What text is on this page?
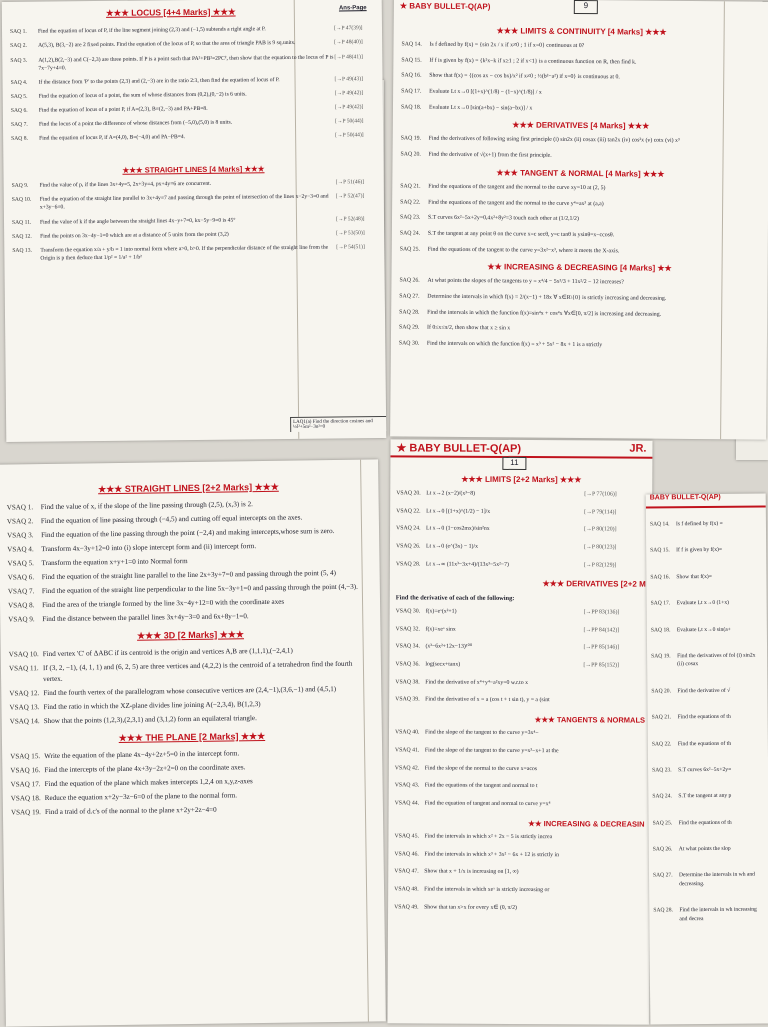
★★★ LOCUS [4+4 Marks] ★★★	Ans-Page
SAQ 1.	Find the equation of locus of P, if the line segment joining (2,3) and (−1,5) subtends a right angle at P.	[→P 47(39)]
SAQ 2.	A(5,3), B(3,−2) are 2 fixed points. Find the equation of the locus of P, so that the area of triangle PAB is 9 sq.units.	[→P 48(40)]
SAQ 3.	A(1,2),B(2,−3) and C(−2,3) are three points. If P is a point such that PA²+PB²=2PC², then show that the equation to the locus of P is 7x−7y+4=0.
[→P 48(41)]
SAQ 4.	If the distance from 'P' to the points (2,3) and (2,−3) are in the ratio 2:3, then find the equation of locus of P.	[→P 49(43)]
SAQ 5.	Find the equation of locus of a point, the sum of whose distances from (0,2),(0,−2) is 6 units.	[→P 49(42)]
SAQ 6.	Find the equation of locus of a point P, if A=(2,3), B=(2,−3) and PA+PB=8.	[→P 49(42)]
SAQ 7.	Find the locus of a point the difference of whose distances from (−5,0),(5,0) is 8 units.	[→P 50(44)]
SAQ 8.	Find the equation of locus P, if A=(4,0), B=(−4,0) and PA−PB=4.	[→P 50(44)]
★★★ STRAIGHT LINES [4 Marks] ★★★
SAQ 9.	Find the value of p, if the lines 3x+4y=5, 2x+3y=4, px+4y=6 are concurrent.	[→P 51(46)]
SAQ 10.	Find the equation of the straight line parallel to 3x+4y=7 and passing through the point of intersection of the lines x−2y−3=0 and x+3y−6=0.
[→P 52(47)]
SAQ 11.	Find the value of k if the angle between the straight lines 4x−y+7=0, kx−5y−9=0 is 45°	[→P 52(48)]
SAQ 12.	Find the points on 3x−4y−1=0 which are at a distance of 5 units from the point (3,2)	[→P 53(50)]
SAQ 13.	Transform the equation x/a + y/b = 1 into normal form where a>0, b>0. If the perpendicular distance of the straight line from the Origin is p then deduce that 1/p² = 1/a² + 1/b²
[→P 54(51)]
LAQ1(a) Find the direction cosines and ½l²+5m²−3n²=0
★ BABY BULLET-Q(AP)	9
★★★ LIMITS & CONTINUITY [4 Marks] ★★★
SAQ 14.	Is f defined by f(x) = {sin 2x / x if x≠0 ; 1 if x=0} continuous at 0?
SAQ 15.	If f is given by f(x) = {k²x−k if x≥1 ; 2 if x<1} is a continuous function on R, then find k.
SAQ 16.	Show that f(x) = {(cos ax − cos bx)/x² if x≠0 ; ½(b²−a²) if x=0} is continuous at 0.
SAQ 17.	Evaluate Lt x→0 [(1+x)^(1/8) − (1−x)^(1/8)] / x
SAQ 18.	Evaluate Lt x→0 [sin(a+bx) − sin(a−bx)] / x
★★★ DERIVATIVES [4 Marks] ★★★
SAQ 19.	Find the derivatives of following using first principle (i) sin2x (ii) cosax (iii) tan2x (iv) cos²x (v) cotx (vi) x³
SAQ 20.	Find the derivative of √(x+1) from the first principle.
★★★ TANGENT & NORMAL [4 Marks] ★★★
SAQ 21.	Find the equations of the tangent and the normal to the curve xy=10 at (2, 5)
SAQ 22.	Find the equations of the tangent and the normal to the curve y⁴=ax³ at (a,a)
SAQ 23.	S.T curves 6x²−5x+2y=0,4x²+8y²=3 touch each other at (1/2,1/2)
SAQ 24.	S.T the tangent at any point θ on the curve x=c secθ, y=c tanθ is ysinθ=x−ccosθ.
SAQ 25.	Find the equations of the tangent to the curve y=3x²−x³, where it meets the X-axis.
★★ INCREASING & DECREASING [4 Marks] ★★
SAQ 26.	At what points the slopes of the tangents to y = x⁴/4 − 5x³/3 + 11x²/2 − 12 increases?
SAQ 27.	Determine the intervals in which f(x) = 2/(x−1) + 18x ∀ x∈R\{0} is strictly increasing and decreasing.
SAQ 28.	Find the intervals in which the function f(x)=sin⁴x + cos⁴x ∀x∈[0, π/2] is increasing and decreasing.
SAQ 29.	If 0≤x≤π/2, then show that x ≥ sin x
SAQ 30.	Find the intervals on which the function f(x) = x³ + 5x² − 8x + 1 is a strictly
★★★ STRAIGHT LINES [2+2 Marks] ★★★
VSAQ 1.	Find the value of x, if the slope of the line passing through (2,5), (x,3) is 2.
VSAQ 2.	Find the equation of line passing through (−4,5) and cutting off equal intercepts on the axes.
VSAQ 3.	Find the equation of the line passing through the point (−2,4) and making intercepts,whose sum is zero.
VSAQ 4.	Transform 4x−3y+12=0 into (i) slope intercept form and (ii) intercept form.
VSAQ 5.	Transform the equation x+y+1=0 into Normal form
VSAQ 6.	Find the equation of the straight line parallel to the line 2x+3y+7=0 and passing through the point (5, 4)
VSAQ 7.	Find the equation of the straight line perpendicular to the line 5x−3y+1=0 and passing through the point (4,−3).
VSAQ 8.	Find the area of the triangle formed by the line 3x−4y+12=0 with the coordinate axes
VSAQ 9.	Find the distance between the parallel lines 3x+4y−3=0 and 6x+8y−1=0.
★★★ 3D [2 Marks] ★★★
VSAQ 10. Find vertex 'C' of ΔABC if its centroid is the origin and vertices A,B are (1,1,1),(−2,4,1)
VSAQ 11. If (3, 2, −1), (4, 1, 1) and (6, 2, 5) are three vertices and (4,2,2) is the centroid of a tetrahedron find the fourth vertex.
VSAQ 12. Find the fourth vertex of the parallelogram whose consecutive vertices are (2,4,−1),(3,6,−1) and (4,5,1)
VSAQ 13. Find the ratio in which the XZ-plane divides line joining A(−2,3,4), B(1,2,3)
VSAQ 14. Show that the points (1,2,3),(2,3,1) and (3,1,2) form an equilateral triangle.
★★★ THE PLANE [2 Marks] ★★★
VSAQ 15. Write the equation of the plane 4x−4y+2z+5=0 in the intercept form.
VSAQ 16. Find the intercepts of the plane 4x+3y−2z+2=0 on the coordinate axes.
VSAQ 17. Find the equation of the plane which makes intercepts 1,2,4 on x,y,z-axes
VSAQ 18. Reduce the equation x+2y−3z−6=0 of the plane to the normal form.
VSAQ 19. Find a traid of d.c's of the normal to the plane x+2y+2z−4=0
★ BABY BULLET-Q(AP)	JR.
11
★★★ LIMITS [2+2 Marks] ★★★
VSAQ 20. Lt x→2 (x−2)/(x³−8)	[→P 77(106)]
VSAQ 22. Lt x→0 [(1+x)^(1/2) − 1]/x	[→P 79(114)]
VSAQ 24. Lt x→0 (1−cos2mx)/sin²nx	[→P 80(120)]
VSAQ 26. Lt x→0 (e^(3x) − 1)/x	[→P 80(123)]
VSAQ 28. Lt x→∞ (11x³−3x+4)/(13x³−5x²−7)	[→P 82(129)]
★★★ DERIVATIVES [2+2 M
Find the derivative of each of the following:
VSAQ 30. f(x)=eˣ(x²+1)	[→PP 83(136)]
VSAQ 32. f(x)=xeˣ sinx	[→PP 84(142)]
VSAQ 34. (x³−6x²+12x−13)¹⁰⁰	[→PP 85(146)]
VSAQ 36. log(secx+tanx)	[→PP 85(152)]
VSAQ 38. Find the derivative of x⁴+y⁴−a²xy=0 w.r.to x
VSAQ 39. Find the derivative of x = a (cos t + t sin t), y = a (sint
★★★ TANGENTS & NORMALS
VSAQ 40. Find the slope of the tangent to the curve y=3x⁴−
VSAQ 41. Find the slope of the tangent to the curve y=x³−x+1 at the
VSAQ 42. Find the slope of the normal to the curve x=acos
VSAQ 43. Find the equations of the tangent and normal to t
VSAQ 44. Find the equation of tangent and normal to curve y=x⁴
★★ INCREASING & DECREASIN
VSAQ 45. Find the intervals in which x² + 2x − 5 is strictly increa
VSAQ 46. Find the intervals in which x³ + 3x² − 6x + 12 is strictly in
VSAQ 47. Show that x + 1/x is increasing on [1, ∞)
VSAQ 48. Find the intervals in which xeˣ is strictly increasing or
VSAQ 49. Show that tan x>x for every x∈ (0, π/2)
BABY BULLET-Q(AP)
SAQ 14.	Is f defined by f(x) =
SAQ 15.	If f is given by f(x)=
SAQ 16.	Show that f(x)=
SAQ 17.	Evaluate Lt x→0 (1+x)
SAQ 18.	Evaluate Lt x→0 sin(a+
SAQ 19.	Find the derivatives of fol (i) sin2x (ii) cosax
SAQ 20.	Find the derivative of √
SAQ 21.	Find the equations of th
SAQ 22.	Find the equations of th
SAQ 23.	S.T curves 6x²−5x+2y=
SAQ 24.	S.T the tangent at any p
SAQ 25.	Find the equations of th
SAQ 26.	At what points the slop
SAQ 27.	Determine the intervals in wh and decreasing.
SAQ 28.	Find the intervals in wh increasing and decrea
